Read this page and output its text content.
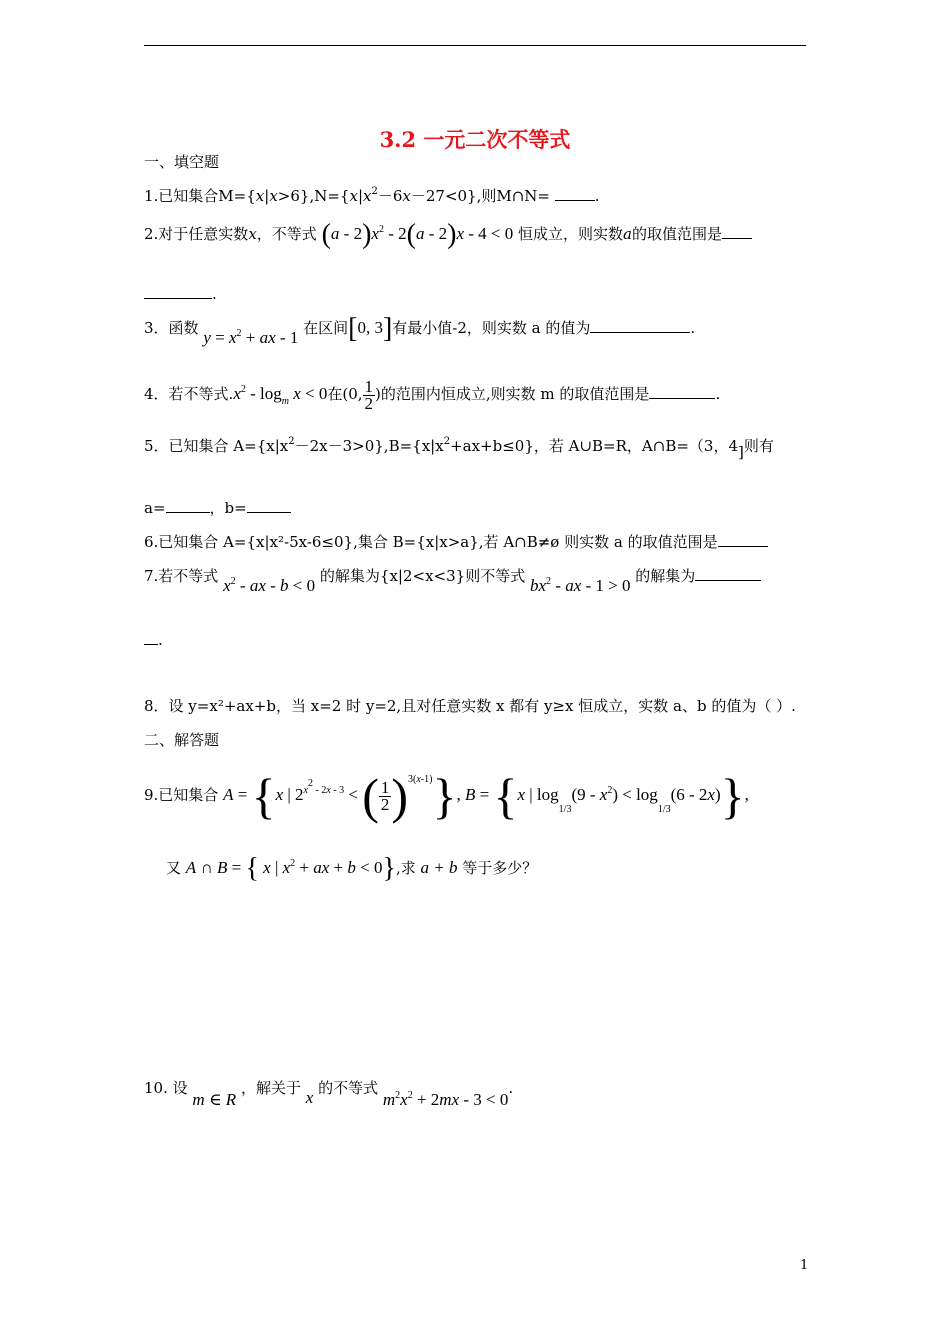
3.2 一元二次不等式
一、填空题
1.已知集合$M=\{x|x>6\},N=\{x|x^2-6x-27<0\}$,则M∩N=	.
2.对于任意实数x，不等式 $(a - 2)x^2 - 2(a - 2)x - 4 < 0$ 恒成立，则实数a的取值范围是
.
3．函数 $y = x^2$ + ax - 1 在区间[0, 3]有最小值-2，则实数 a 的值为	.
4．若不等式$.x^2 - \log_m x < 0$在(0, $\frac{1}{2}$ )的范围内恒成立,则实数 m 的取值范围是	.
5．已知集合 $A=\{x|x^2-2x-3>0\},B=\{x|x^2+ax+b\le 0\}$，若 A∪B=R，A∩B=（3，4]则有
a=	，b=
6.已知集合 A={x|x²-5x-6≤0},集合 B={x|x>a},若 A∩B≠ø 则实数 a 的取值范围是
7.若不等式 $x^2$ - ax - b < 0 的解集为{x|2<x<3}则不等式 $bx^2$ - ax - 1 > 0 的解集为
.
8．设 y=x²+ax+b，当 x=2 时 y=2,且对任意实数 x 都有 y≥x 恒成立，实数 a、b 的值为（ ）.
二、解答题
9.已知集合 A = {x | $2^{x^2 - 2x - 3}$ < ( $\frac{1}{2} )^{3(x-1)}$}, B = {x | $\log_{1/3}(9 - x^2) < \log_{1/3}(6 - 2x)$},
又 A ∩ B = { x | $x^2$ + ax + b < 0},求 a + b 等于多少？
10. 设 m ∈ R ，解关于 x 的不等式 $m^2x^2 + 2mx - 3 < 0$.
1
